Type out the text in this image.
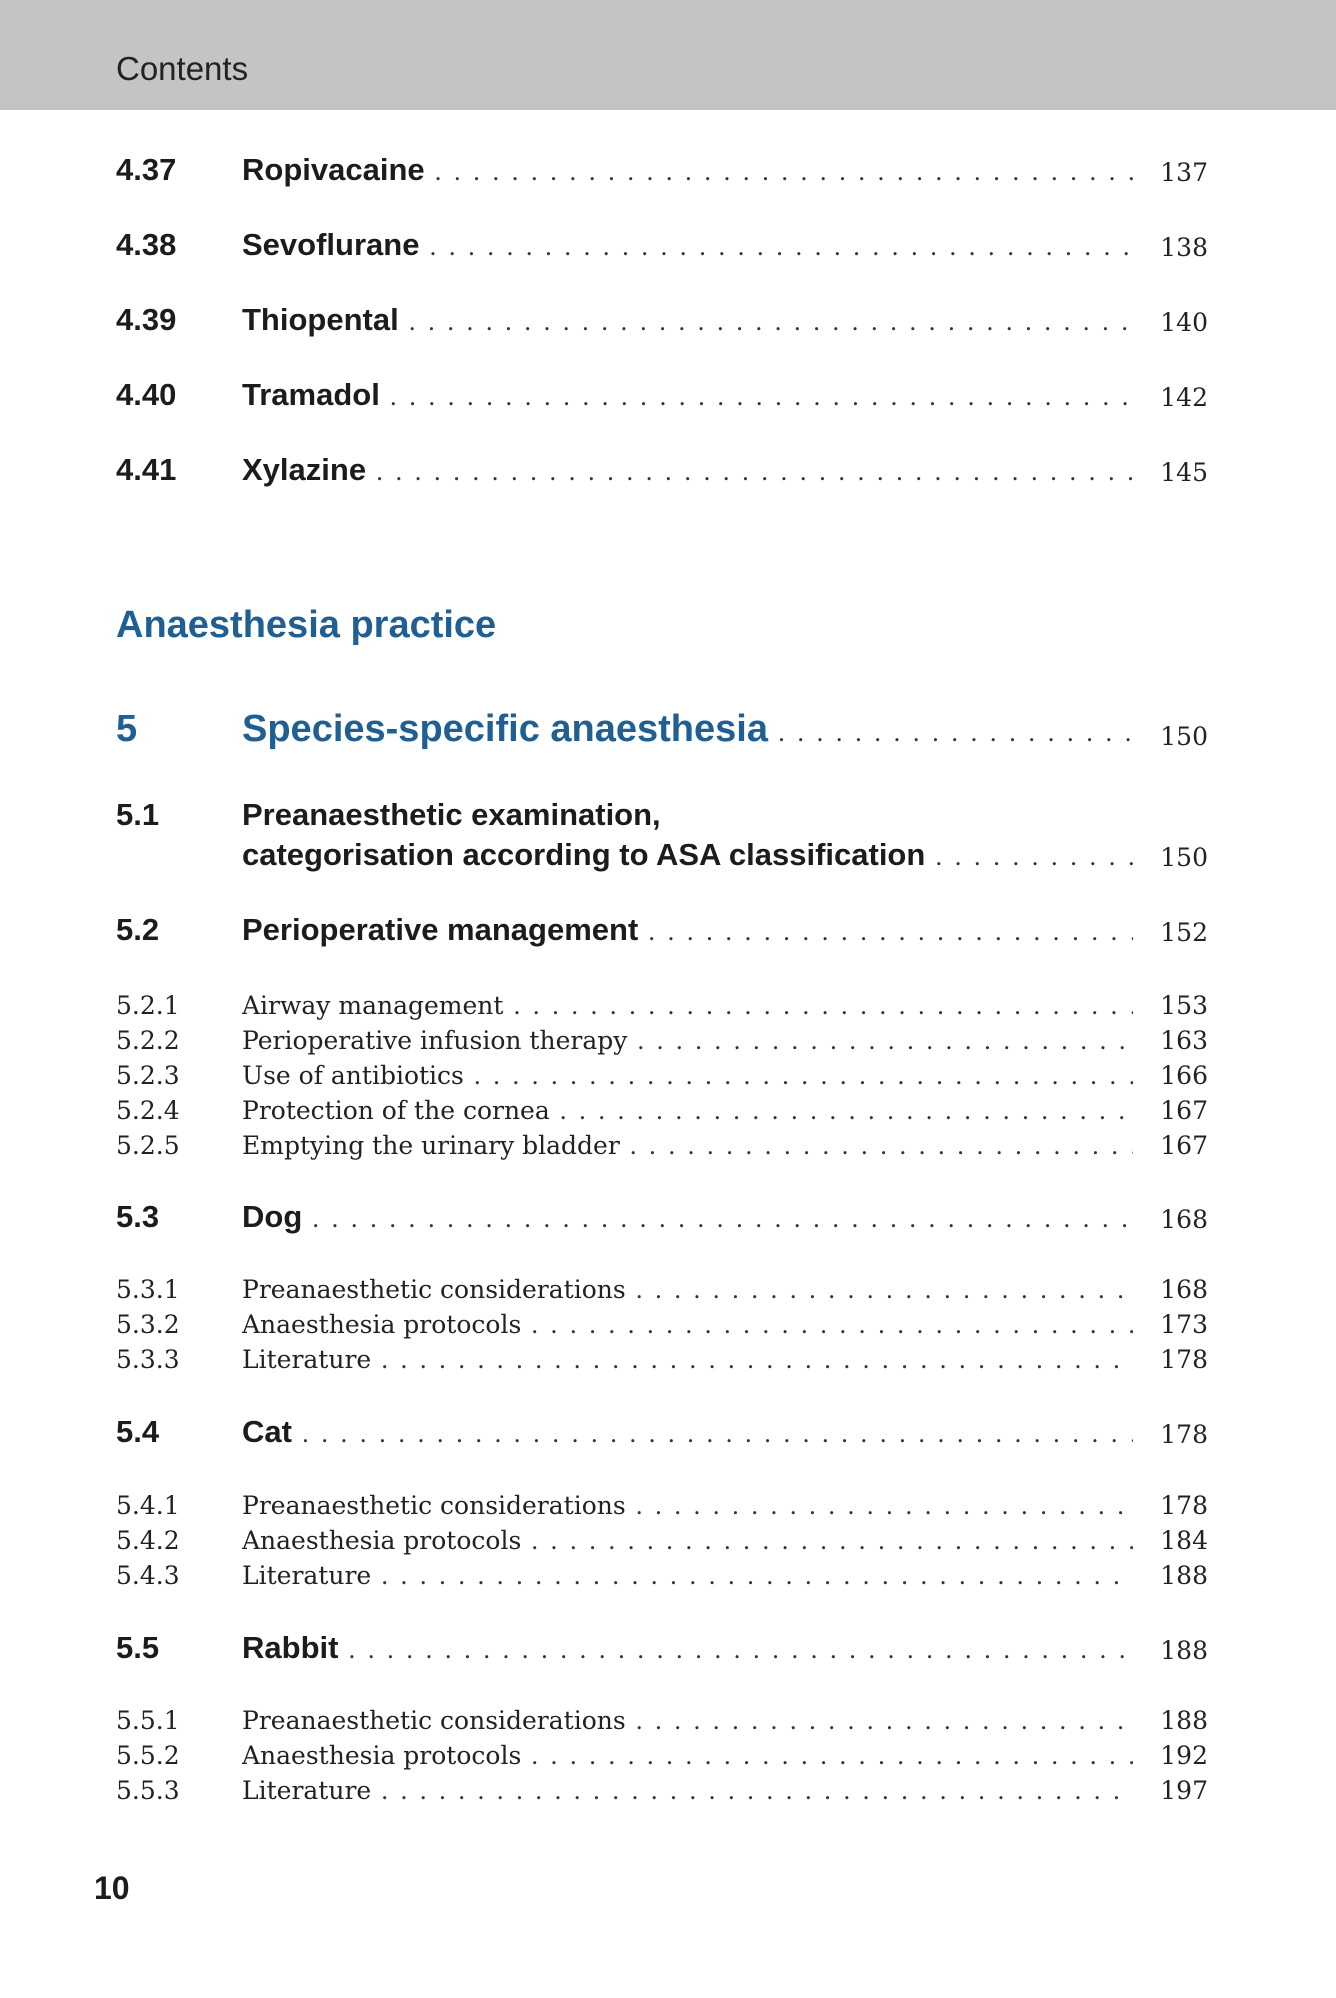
Contents
4.37 Ropivacaine . . .	137
4.38 Sevoflurane . . .	138
4.39 Thiopental . . .	140
4.40 Tramadol . . .	142
4.41 Xylazine . . .	145
Anaesthesia practice
5	Species-specific anaesthesia . . .	150
5.1	Preanaesthetic examination,
categorisation according to ASA classification . . .	150
5.2	Perioperative management . . .	152
5.2.1 Airway management . . .	153
5.2.2 Perioperative infusion therapy . . .	163
5.2.3 Use of antibiotics . . .	166
5.2.4 Protection of the cornea . . .	167
5.2.5 Emptying the urinary bladder . . .	167
5.3	Dog . . .	168
5.3.1 Preanaesthetic considerations . . .	168
5.3.2 Anaesthesia protocols . . .	173
5.3.3 Literature . . .	178
5.4	Cat . . .	178
5.4.1 Preanaesthetic considerations . . .	178
5.4.2 Anaesthesia protocols . . .	184
5.4.3 Literature . . .	188
5.5	Rabbit . . .	188
5.5.1 Preanaesthetic considerations . . .	188
5.5.2 Anaesthesia protocols . . .	192
5.5.3 Literature . . .	197
10
